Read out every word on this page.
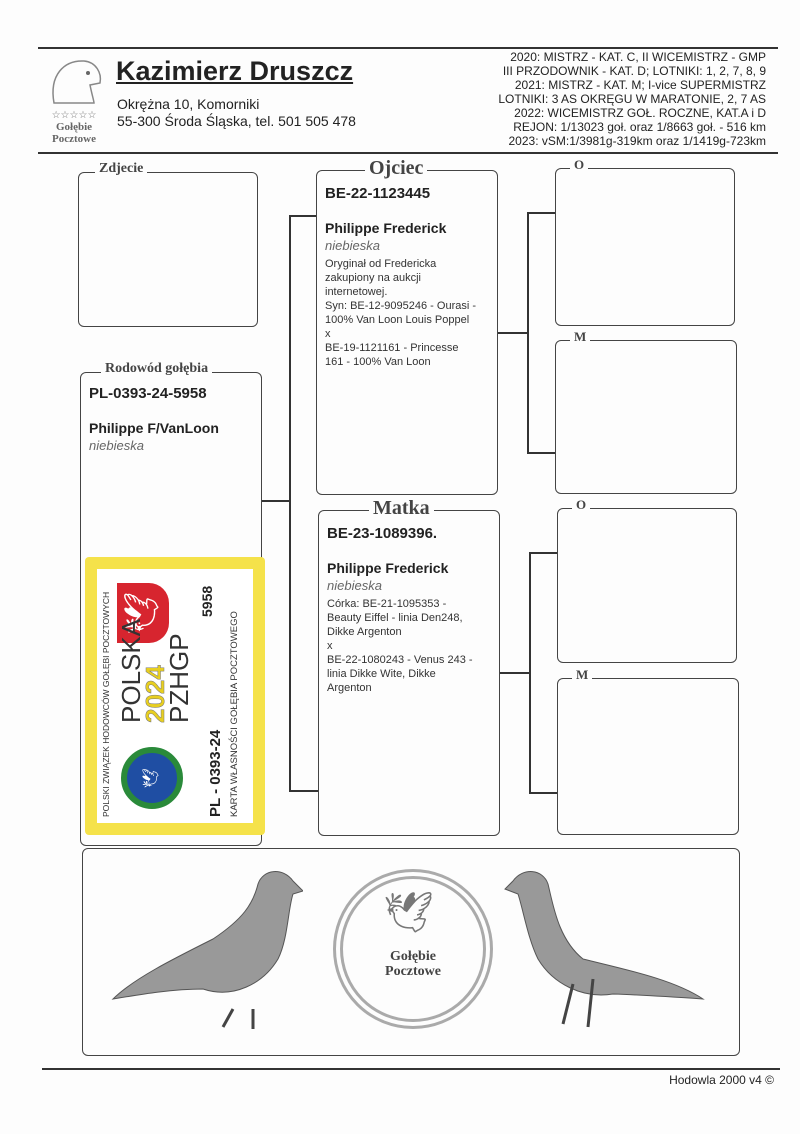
☆☆☆☆☆
Gołębie Pocztowe
Kazimierz Druszcz
Okrężna 10, Komorniki
55-300 Środa Śląska, tel. 501 505 478
2020: MISTRZ - KAT. C, II WICEMISTRZ - GMP
III PRZODOWNIK - KAT. D; LOTNIKI: 1, 2, 7, 8, 9
2021: MISTRZ - KAT. M; I-vice SUPERMISTRZ
LOTNIKI: 3 AS OKRĘGU W MARATONIE, 2, 7 AS
2022: WICEMISTRZ GOŁ. ROCZNE, KAT.A i D
REJON: 1/13023 goł. oraz 1/8663 goł. - 516 km
2023: vSM:1/3981g-319km oraz 1/1419g-723km
Zdjecie
Rodowód gołębia
PL-0393-24-5958
Philippe F/VanLoon
niebieska
POLSKI ZWIĄZEK HODOWCÓW GOŁĘBI POCZTOWYCH 🕊
POLSKA
2024
PZHGP
🕊
5958
PL - 0393-24 KARTA WŁASNOŚCI GOŁĘBIA POCZTOWEGO
Ojciec
BE-22-1123445
Philippe Frederick
niebieska
Oryginał od Fredericka
zakupiony na aukcji
internetowej.
Syn: BE-12-9095246 - Ourasi -
100% Van Loon Louis Poppel
x
BE-19-1121161 - Princesse
161 - 100% Van Loon
Matka
BE-23-1089396.
Philippe Frederick
niebieska
Córka: BE-21-1095353 -
Beauty Eiffel - linia Den248,
Dikke Argenton
x
BE-22-1080243 - Venus 243 -
linia Dikke Wite, Dikke
Argenton
O
M
O
M
🕊
Gołębie Pocztowe
Hodowla 2000 v4 ©
